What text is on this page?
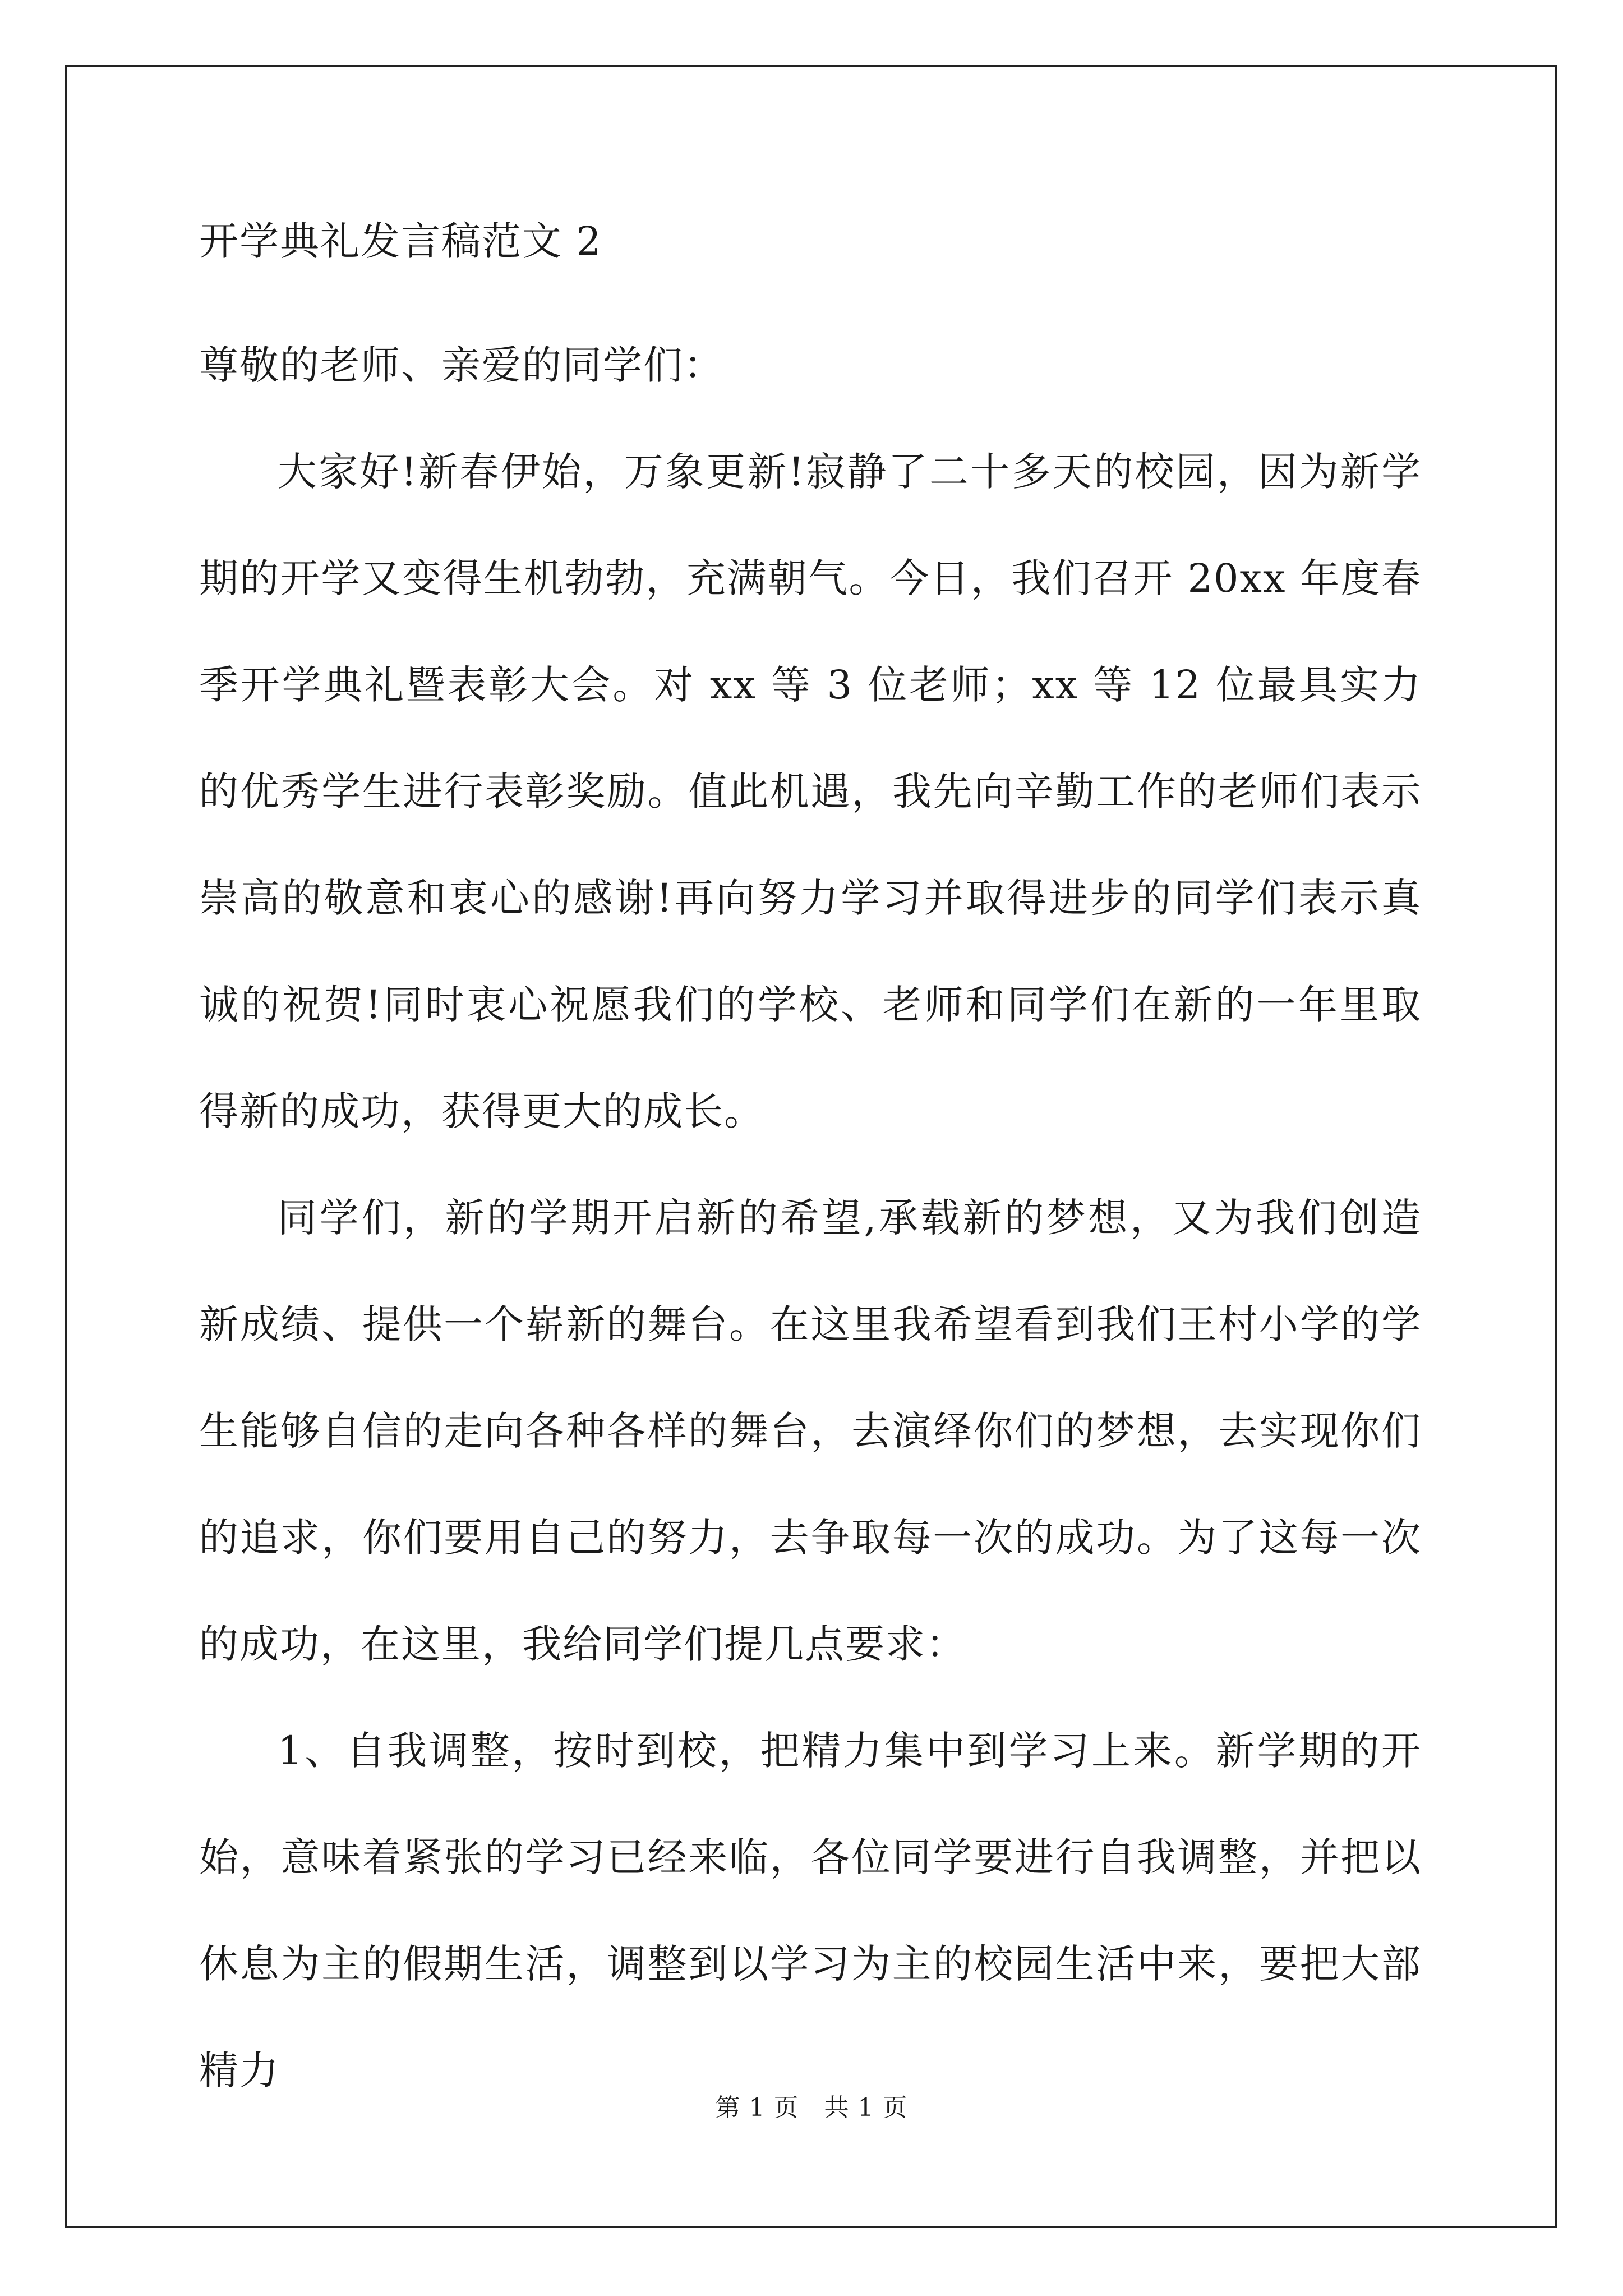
开学典礼发言稿范文 2

尊敬的老师、亲爱的同学们：

大家好!新春伊始，万象更新!寂静了二十多天的校园，因为新学期的开学又变得生机勃勃，充满朝气。今日，我们召开 20xx 年度春季开学典礼暨表彰大会。对 xx 等 3 位老师；xx 等 12 位最具实力的优秀学生进行表彰奖励。值此机遇，我先向辛勤工作的老师们表示崇高的敬意和衷心的感谢!再向努力学习并取得进步的同学们表示真诚的祝贺!同时衷心祝愿我们的学校、老师和同学们在新的一年里取得新的成功，获得更大的成长。

同学们，新的学期开启新的希望,承载新的梦想，又为我们创造新成绩、提供一个崭新的舞台。在这里我希望看到我们王村小学的学生能够自信的走向各种各样的舞台，去演绎你们的梦想，去实现你们的追求，你们要用自己的努力，去争取每一次的成功。为了这每一次的成功，在这里，我给同学们提几点要求：

1、自我调整，按时到校，把精力集中到学习上来。新学期的开始，意味着紧张的学习已经来临，各位同学要进行自我调整，并把以休息为主的假期生活，调整到以学习为主的校园生活中来，要把大部精力

第 1 页　共 1 页
